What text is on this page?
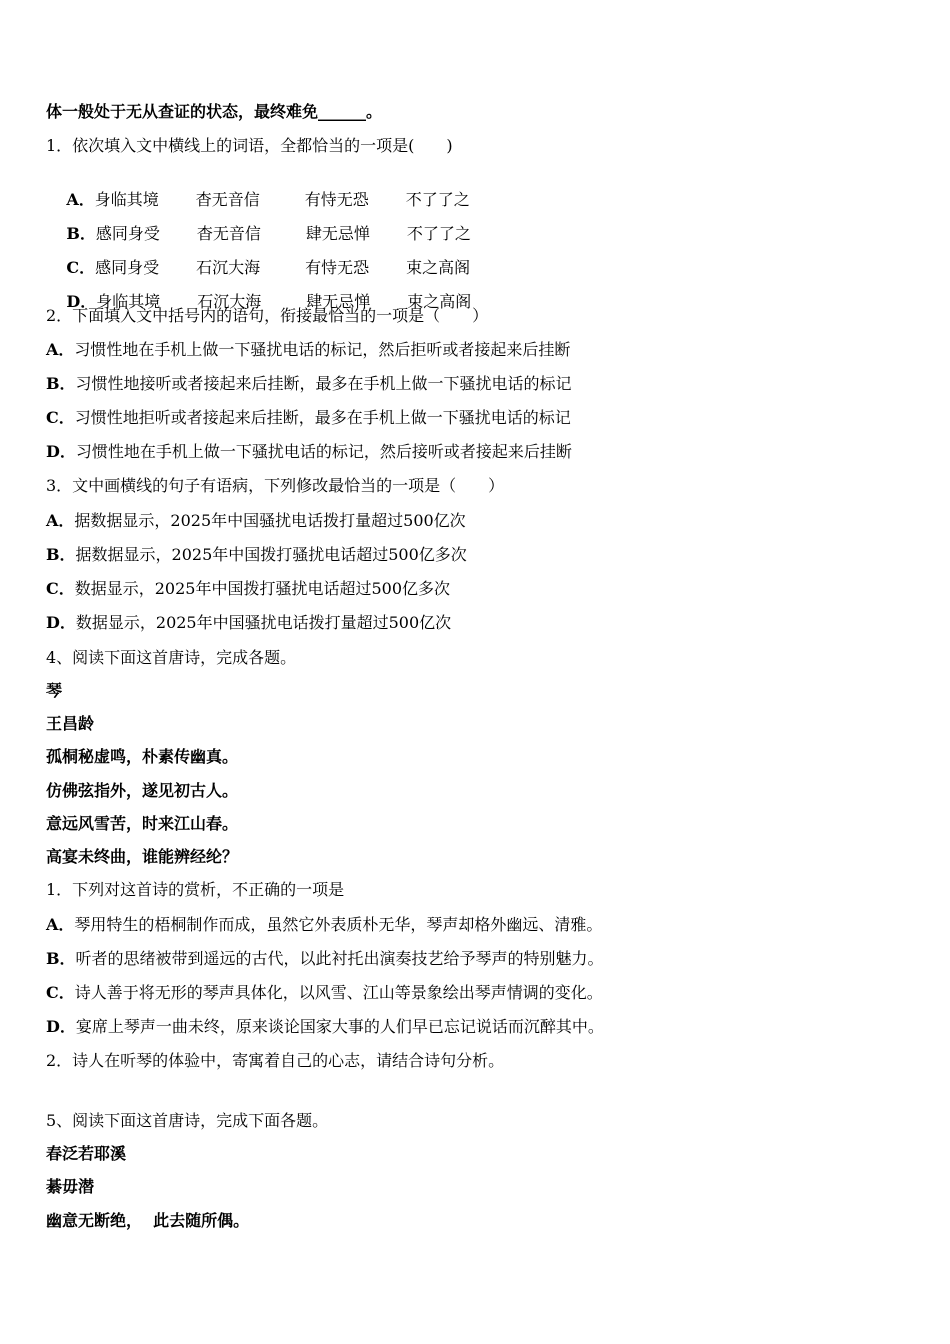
体一般处于无从查证的状态，最终难免______。
1．依次填入文中横线上的词语，全都恰当的一项是(　　)

A．身临其境 杳无音信	有恃无恐 不了了之

B．感同身受 杳无音信	肆无忌惮 不了了之

C．感同身受 石沉大海	有恃无恐 束之高阁

D．身临其境 石沉大海	肆无忌惮 束之高阁

2．下面填入文中括号内的语句，衔接最恰当的一项是（　　）
A．习惯性地在手机上做一下骚扰电话的标记，然后拒听或者接起来后挂断
B．习惯性地接听或者接起来后挂断，最多在手机上做一下骚扰电话的标记
C．习惯性地拒听或者接起来后挂断，最多在手机上做一下骚扰电话的标记
D．习惯性地在手机上做一下骚扰电话的标记，然后接听或者接起来后挂断
3．文中画横线的句子有语病，下列修改最恰当的一项是（　　）
A．据数据显示，2025年中国骚扰电话拨打量超过500亿次
B．据数据显示，2025年中国拨打骚扰电话超过500亿多次
C．数据显示，2025年中国拨打骚扰电话超过500亿多次
D．数据显示，2025年中国骚扰电话拨打量超过500亿次
4、阅读下面这首唐诗，完成各题。
琴
王昌龄
孤桐秘虚鸣，朴素传幽真。
仿佛弦指外，遂见初古人。
意远风雪苦，时来江山春。
高宴未终曲，谁能辨经纶？
1．下列对这首诗的赏析，不正确的一项是
A．琴用特生的梧桐制作而成，虽然它外表质朴无华，琴声却格外幽远、清雅。
B．听者的思绪被带到遥远的古代，以此衬托出演奏技艺给予琴声的特别魅力。
C．诗人善于将无形的琴声具体化，以风雪、江山等景象绘出琴声情调的变化。
D．宴席上琴声一曲未终，原来谈论国家大事的人们早已忘记说话而沉醉其中。
2．诗人在听琴的体验中，寄寓着自己的心志，请结合诗句分析。
5、阅读下面这首唐诗，完成下面各题。
春泛若耶溪
綦毋潜
幽意无断绝，  此去随所偶。
